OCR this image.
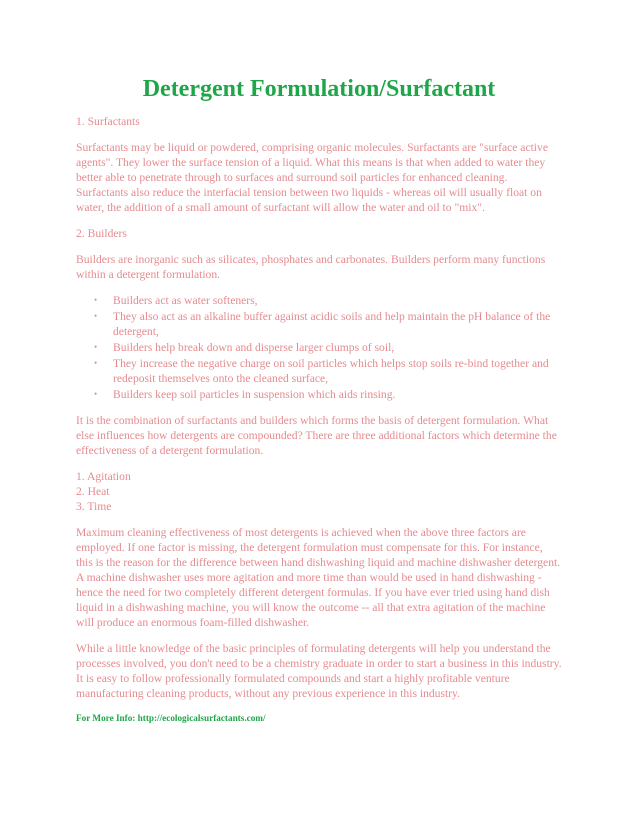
Detergent Formulation/Surfactant

1. Surfactants

Surfactants may be liquid or powdered, comprising organic molecules. Surfactants are "surface active agents". They lower the surface tension of a liquid. What this means is that when added to water they better able to penetrate through to surfaces and surround soil particles for enhanced cleaning. Surfactants also reduce the interfacial tension between two liquids - whereas oil will usually float on water, the addition of a small amount of surfactant will allow the water and oil to "mix".

2. Builders

Builders are inorganic such as silicates, phosphates and carbonates. Builders perform many functions within a detergent formulation.

• Builders act as water softeners,
• They also act as an alkaline buffer against acidic soils and help maintain the pH balance of the detergent,
• Builders help break down and disperse larger clumps of soil,
• They increase the negative charge on soil particles which helps stop soils re-bind together and redeposit themselves onto the cleaned surface,
• Builders keep soil particles in suspension which aids rinsing.

It is the combination of surfactants and builders which forms the basis of detergent formulation. What else influences how detergents are compounded? There are three additional factors which determine the effectiveness of a detergent formulation.

1. Agitation

2. Heat

3. Time

Maximum cleaning effectiveness of most detergents is achieved when the above three factors are employed. If one factor is missing, the detergent formulation must compensate for this. For instance, this is the reason for the difference between hand dishwashing liquid and machine dishwasher detergent. A machine dishwasher uses more agitation and more time than would be used in hand dishwashing - hence the need for two completely different detergent formulas. If you have ever tried using hand dish liquid in a dishwashing machine, you will know the outcome -- all that extra agitation of the machine will produce an enormous foam-filled dishwasher.

While a little knowledge of the basic principles of formulating detergents will help you understand the processes involved, you don't need to be a chemistry graduate in order to start a business in this industry. It is easy to follow professionally formulated compounds and start a highly profitable venture manufacturing cleaning products, without any previous experience in this industry.

For More Info: http://ecologicalsurfactants.com/
